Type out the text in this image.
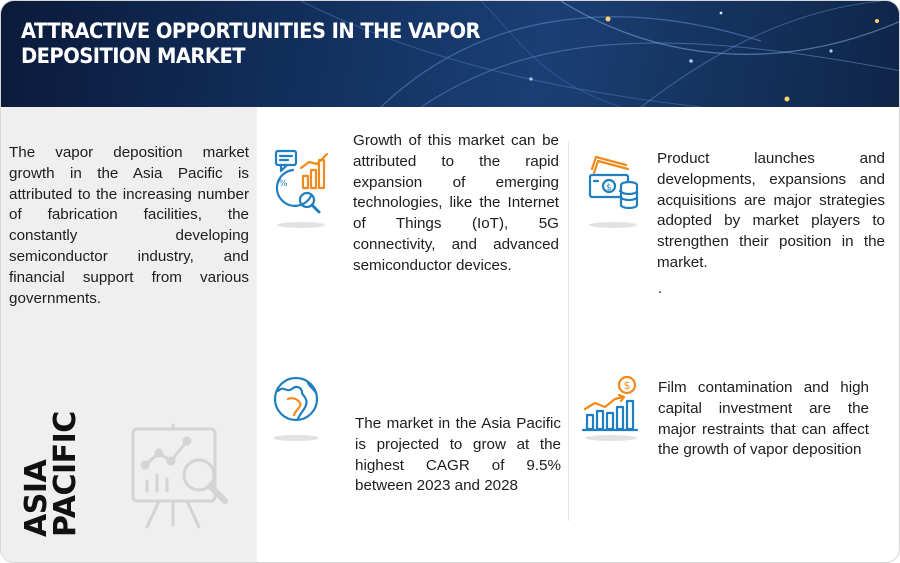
ATTRACTIVE OPPORTUNITIES IN THE VAPOR DEPOSITION MARKET

The vapor deposition market growth in the Asia Pacific is attributed to the increasing number of fabrication facilities, the constantly developing semiconductor industry, and financial support from various governments.

ASIA
PACIFIC
%

Growth of this market can be attributed to the rapid expansion of emerging technologies, like the Internet of Things (IoT), 5G connectivity, and advanced semiconductor devices.

$

Product launches and developments, expansions and acquisitions are major strategies adopted by market players to strengthen their position in the market.

.

The market in the Asia Pacific is projected to grow at the highest CAGR of 9.5% between 2023 and 2028

$ Film contamination and high capital investment are the major restraints that can affect the growth of vapor deposition
